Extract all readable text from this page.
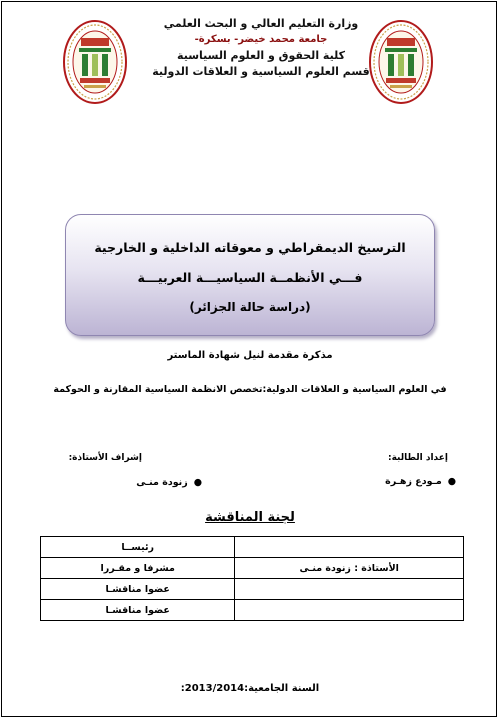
وزارة التعليم العالي و البحث العلمي
جامعة محمد خيضر- بسكرة-
كلية الحقوق و العلوم السياسية
قسم العلوم السياسية و العلاقات الدولية
الترسيخ الديمقراطي و معوقاته الداخلية و الخارجية
فـــي الأنظمــة السياسيـــة العربيـــة
(دراسة حالة الجزائر)
مذكرة مقدمة لنيل شهادة الماستر
في العلوم السياسية و العلاقات الدولية:تخصص الانظمة السياسية المقارنة و الحوكمة
إعداد الطالبة:
●مـودع زهـرة
إشراف الأستاذة:
●زنودة منـى
لجنة المناقشة
	رئيســا
الأستاذة : زنودة منـى	مشرفا و مقـررا
	عضوا مناقشـا
	عضوا مناقشـا
السنة الجامعية:2013/2014:
